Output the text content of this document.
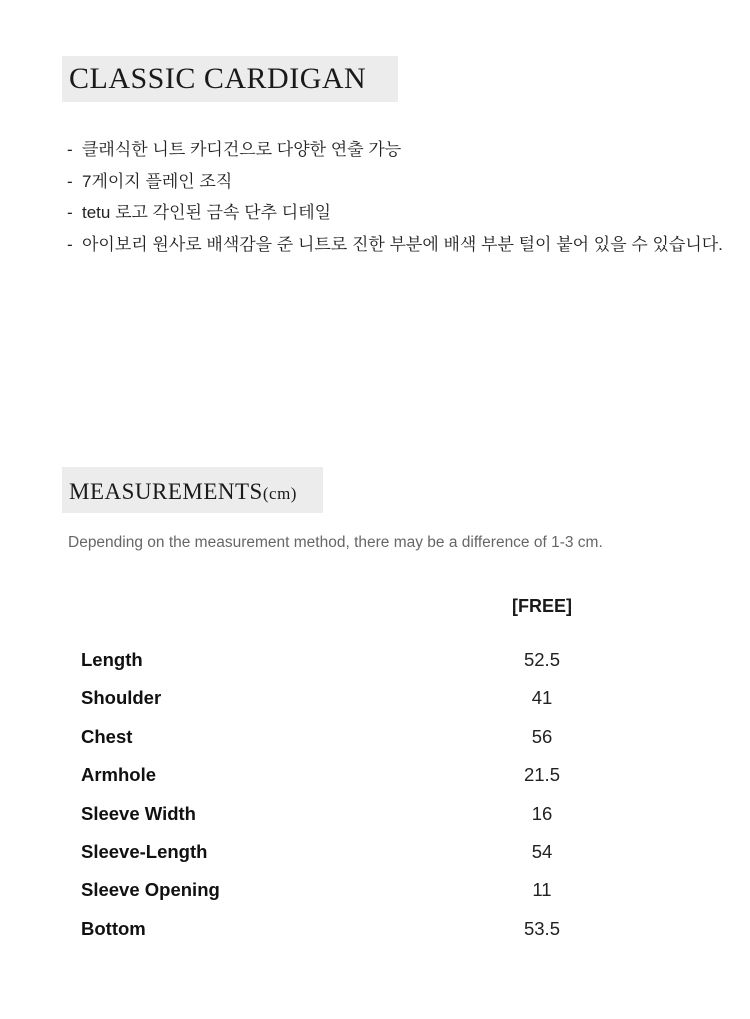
CLASSIC CARDIGAN
- 클래식한 니트 카디건으로 다양한 연출 가능
- 7게이지 플레인 조직
- tetu 로고 각인된 금속 단추 디테일
- 아이보리 원사로 배색감을 준 니트로 진한 부분에 배색 부분 털이 붙어 있을 수 있습니다.
MEASUREMENTS(cm)
Depending on the measurement method, there may be a difference of 1-3 cm.
[FREE]
Length	52.5
Shoulder	41
Chest	56
Armhole	21.5
Sleeve Width	16
Sleeve-Length	54
Sleeve Opening	11
Bottom	53.5
